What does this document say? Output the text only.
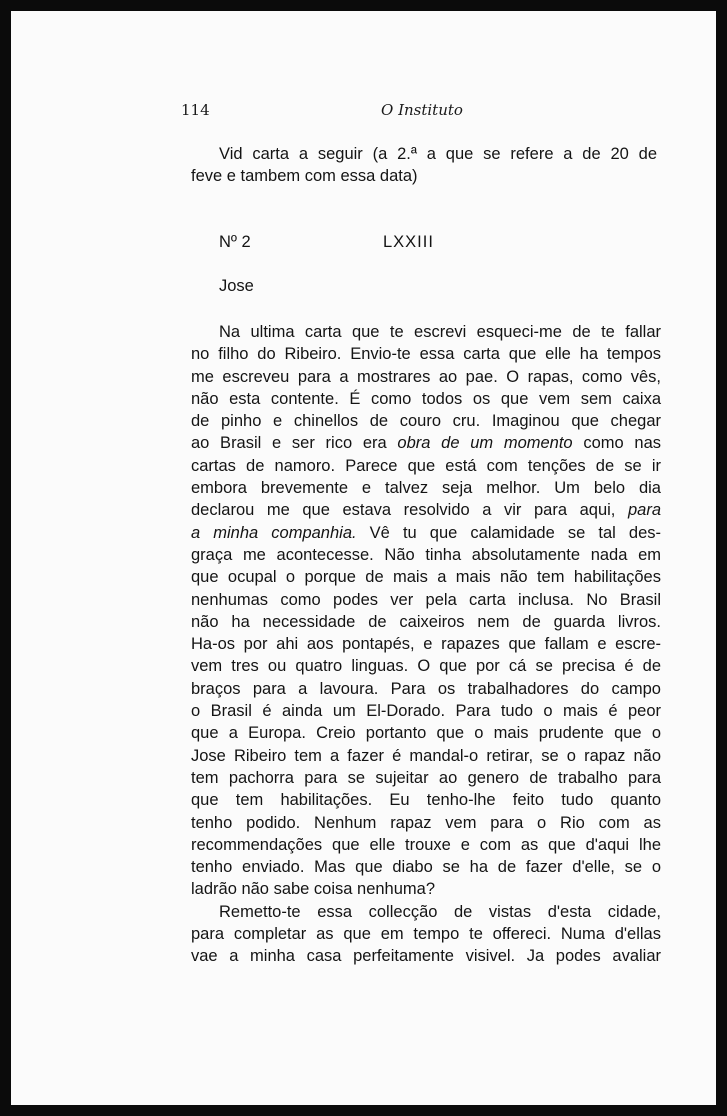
114	O Instituto
Vid carta a seguir (a 2.ª a que se refere a de 20 de
feve e tambem com essa data)
Nº 2	LXXIII
Jose
Na ultima carta que te escrevi esqueci-me de te fallar
no filho do Ribeiro. Envio-te essa carta que elle ha tempos
me escreveu para a mostrares ao pae. O rapas, como vês,
não esta contente. É como todos os que vem sem caixa
de pinho e chinellos de couro cru. Imaginou que chegar
ao Brasil e ser rico era obra de um momento como nas
cartas de namoro. Parece que está com tenções de se ir
embora brevemente e talvez seja melhor. Um belo dia
declarou me que estava resolvido a vir para aqui, para
a minha companhia. Vê tu que calamidade se tal des-
graça me acontecesse. Não tinha absolutamente nada em
que ocupal o porque de mais a mais não tem habilitações
nenhumas como podes ver pela carta inclusa. No Brasil
não ha necessidade de caixeiros nem de guarda livros.
Ha-os por ahi aos pontapés, e rapazes que fallam e escre-
vem tres ou quatro linguas. O que por cá se precisa é de
braços para a lavoura. Para os trabalhadores do campo
o Brasil é ainda um El-Dorado. Para tudo o mais é peor
que a Europa. Creio portanto que o mais prudente que o
Jose Ribeiro tem a fazer é mandal-o retirar, se o rapaz não
tem pachorra para se sujeitar ao genero de trabalho para
que tem habilitações. Eu tenho-lhe feito tudo quanto
tenho podido. Nenhum rapaz vem para o Rio com as
recommendações que elle trouxe e com as que d'aqui lhe
tenho enviado. Mas que diabo se ha de fazer d'elle, se o
ladrão não sabe coisa nenhuma?
Remetto-te essa collecção de vistas d'esta cidade,
para completar as que em tempo te offereci. Numa d'ellas
vae a minha casa perfeitamente visivel. Ja podes avaliar
